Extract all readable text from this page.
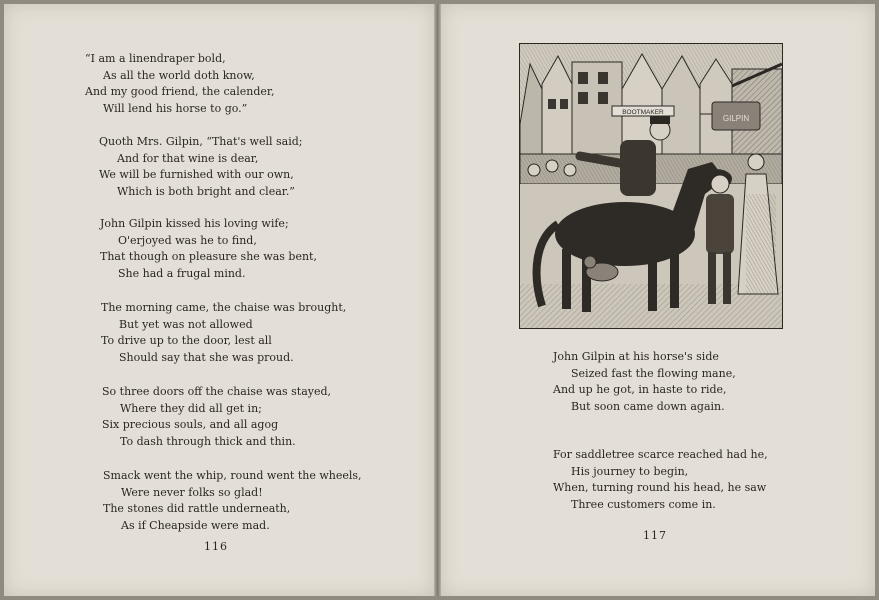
“I am a linendraper bold,
As all the world doth know,
And my good friend, the calender,
Will lend his horse to go.”
Quoth Mrs. Gilpin, “That's well said;
And for that wine is dear,
We will be furnished with our own,
Which is both bright and clear.”
John Gilpin kissed his loving wife;
O'erjoyed was he to find,
That though on pleasure she was bent,
She had a frugal mind.
The morning came, the chaise was brought,
But yet was not allowed
To drive up to the door, lest all
Should say that she was proud.
So three doors off the chaise was stayed,
Where they did all get in;
Six precious souls, and all agog
To dash through thick and thin.
Smack went the whip, round went the wheels,
Were never folks so glad!
The stones did rattle underneath,
As if Cheapside were mad.
116
BOOTMAKER
GILPIN
John Gilpin at his horse's side
Seized fast the flowing mane,
And up he got, in haste to ride,
But soon came down again.
For saddletree scarce reached had he,
His journey to begin,
When, turning round his head, he saw
Three customers come in.
117
